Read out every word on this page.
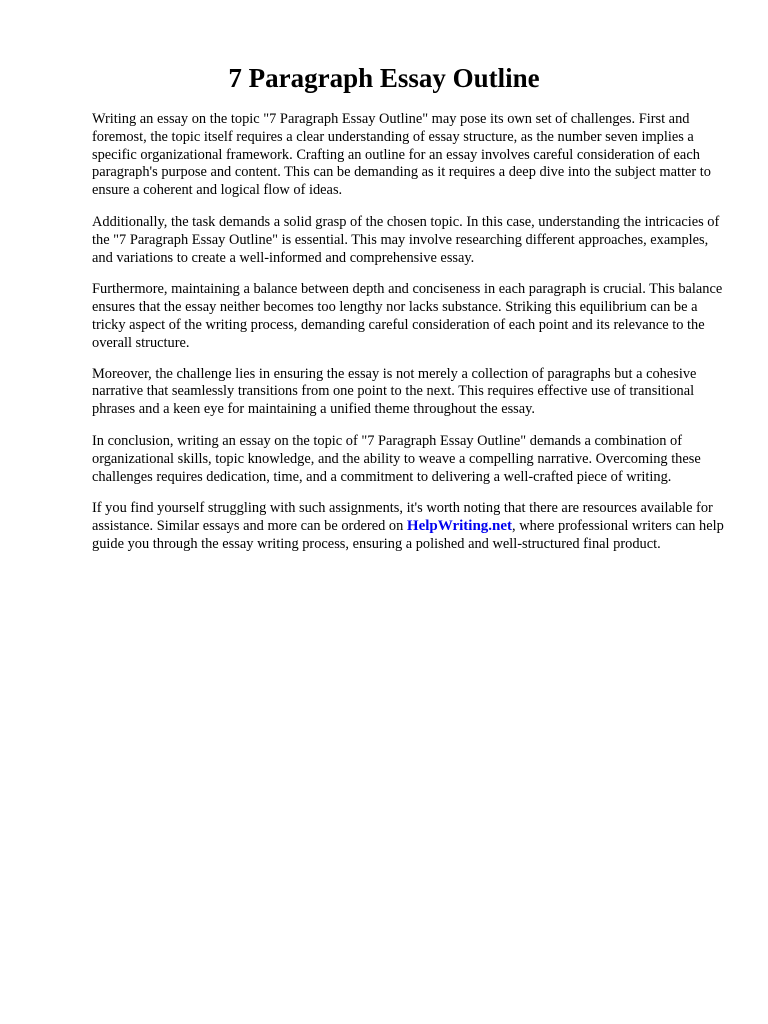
7 Paragraph Essay Outline

Writing an essay on the topic "7 Paragraph Essay Outline" may pose its own set of challenges. First and foremost, the topic itself requires a clear understanding of essay structure, as the number seven implies a specific organizational framework. Crafting an outline for an essay involves careful consideration of each paragraph's purpose and content. This can be demanding as it requires a deep dive into the subject matter to ensure a coherent and logical flow of ideas.

Additionally, the task demands a solid grasp of the chosen topic. In this case, understanding the intricacies of the "7 Paragraph Essay Outline" is essential. This may involve researching different approaches, examples, and variations to create a well-informed and comprehensive essay.

Furthermore, maintaining a balance between depth and conciseness in each paragraph is crucial. This balance ensures that the essay neither becomes too lengthy nor lacks substance. Striking this equilibrium can be a tricky aspect of the writing process, demanding careful consideration of each point and its relevance to the overall structure.

Moreover, the challenge lies in ensuring the essay is not merely a collection of paragraphs but a cohesive narrative that seamlessly transitions from one point to the next. This requires effective use of transitional phrases and a keen eye for maintaining a unified theme throughout the essay.

In conclusion, writing an essay on the topic of "7 Paragraph Essay Outline" demands a combination of organizational skills, topic knowledge, and the ability to weave a compelling narrative. Overcoming these challenges requires dedication, time, and a commitment to delivering a well-crafted piece of writing.

If you find yourself struggling with such assignments, it's worth noting that there are resources available for assistance. Similar essays and more can be ordered on HelpWriting.net, where professional writers can help guide you through the essay writing process, ensuring a polished and well-structured final product.
